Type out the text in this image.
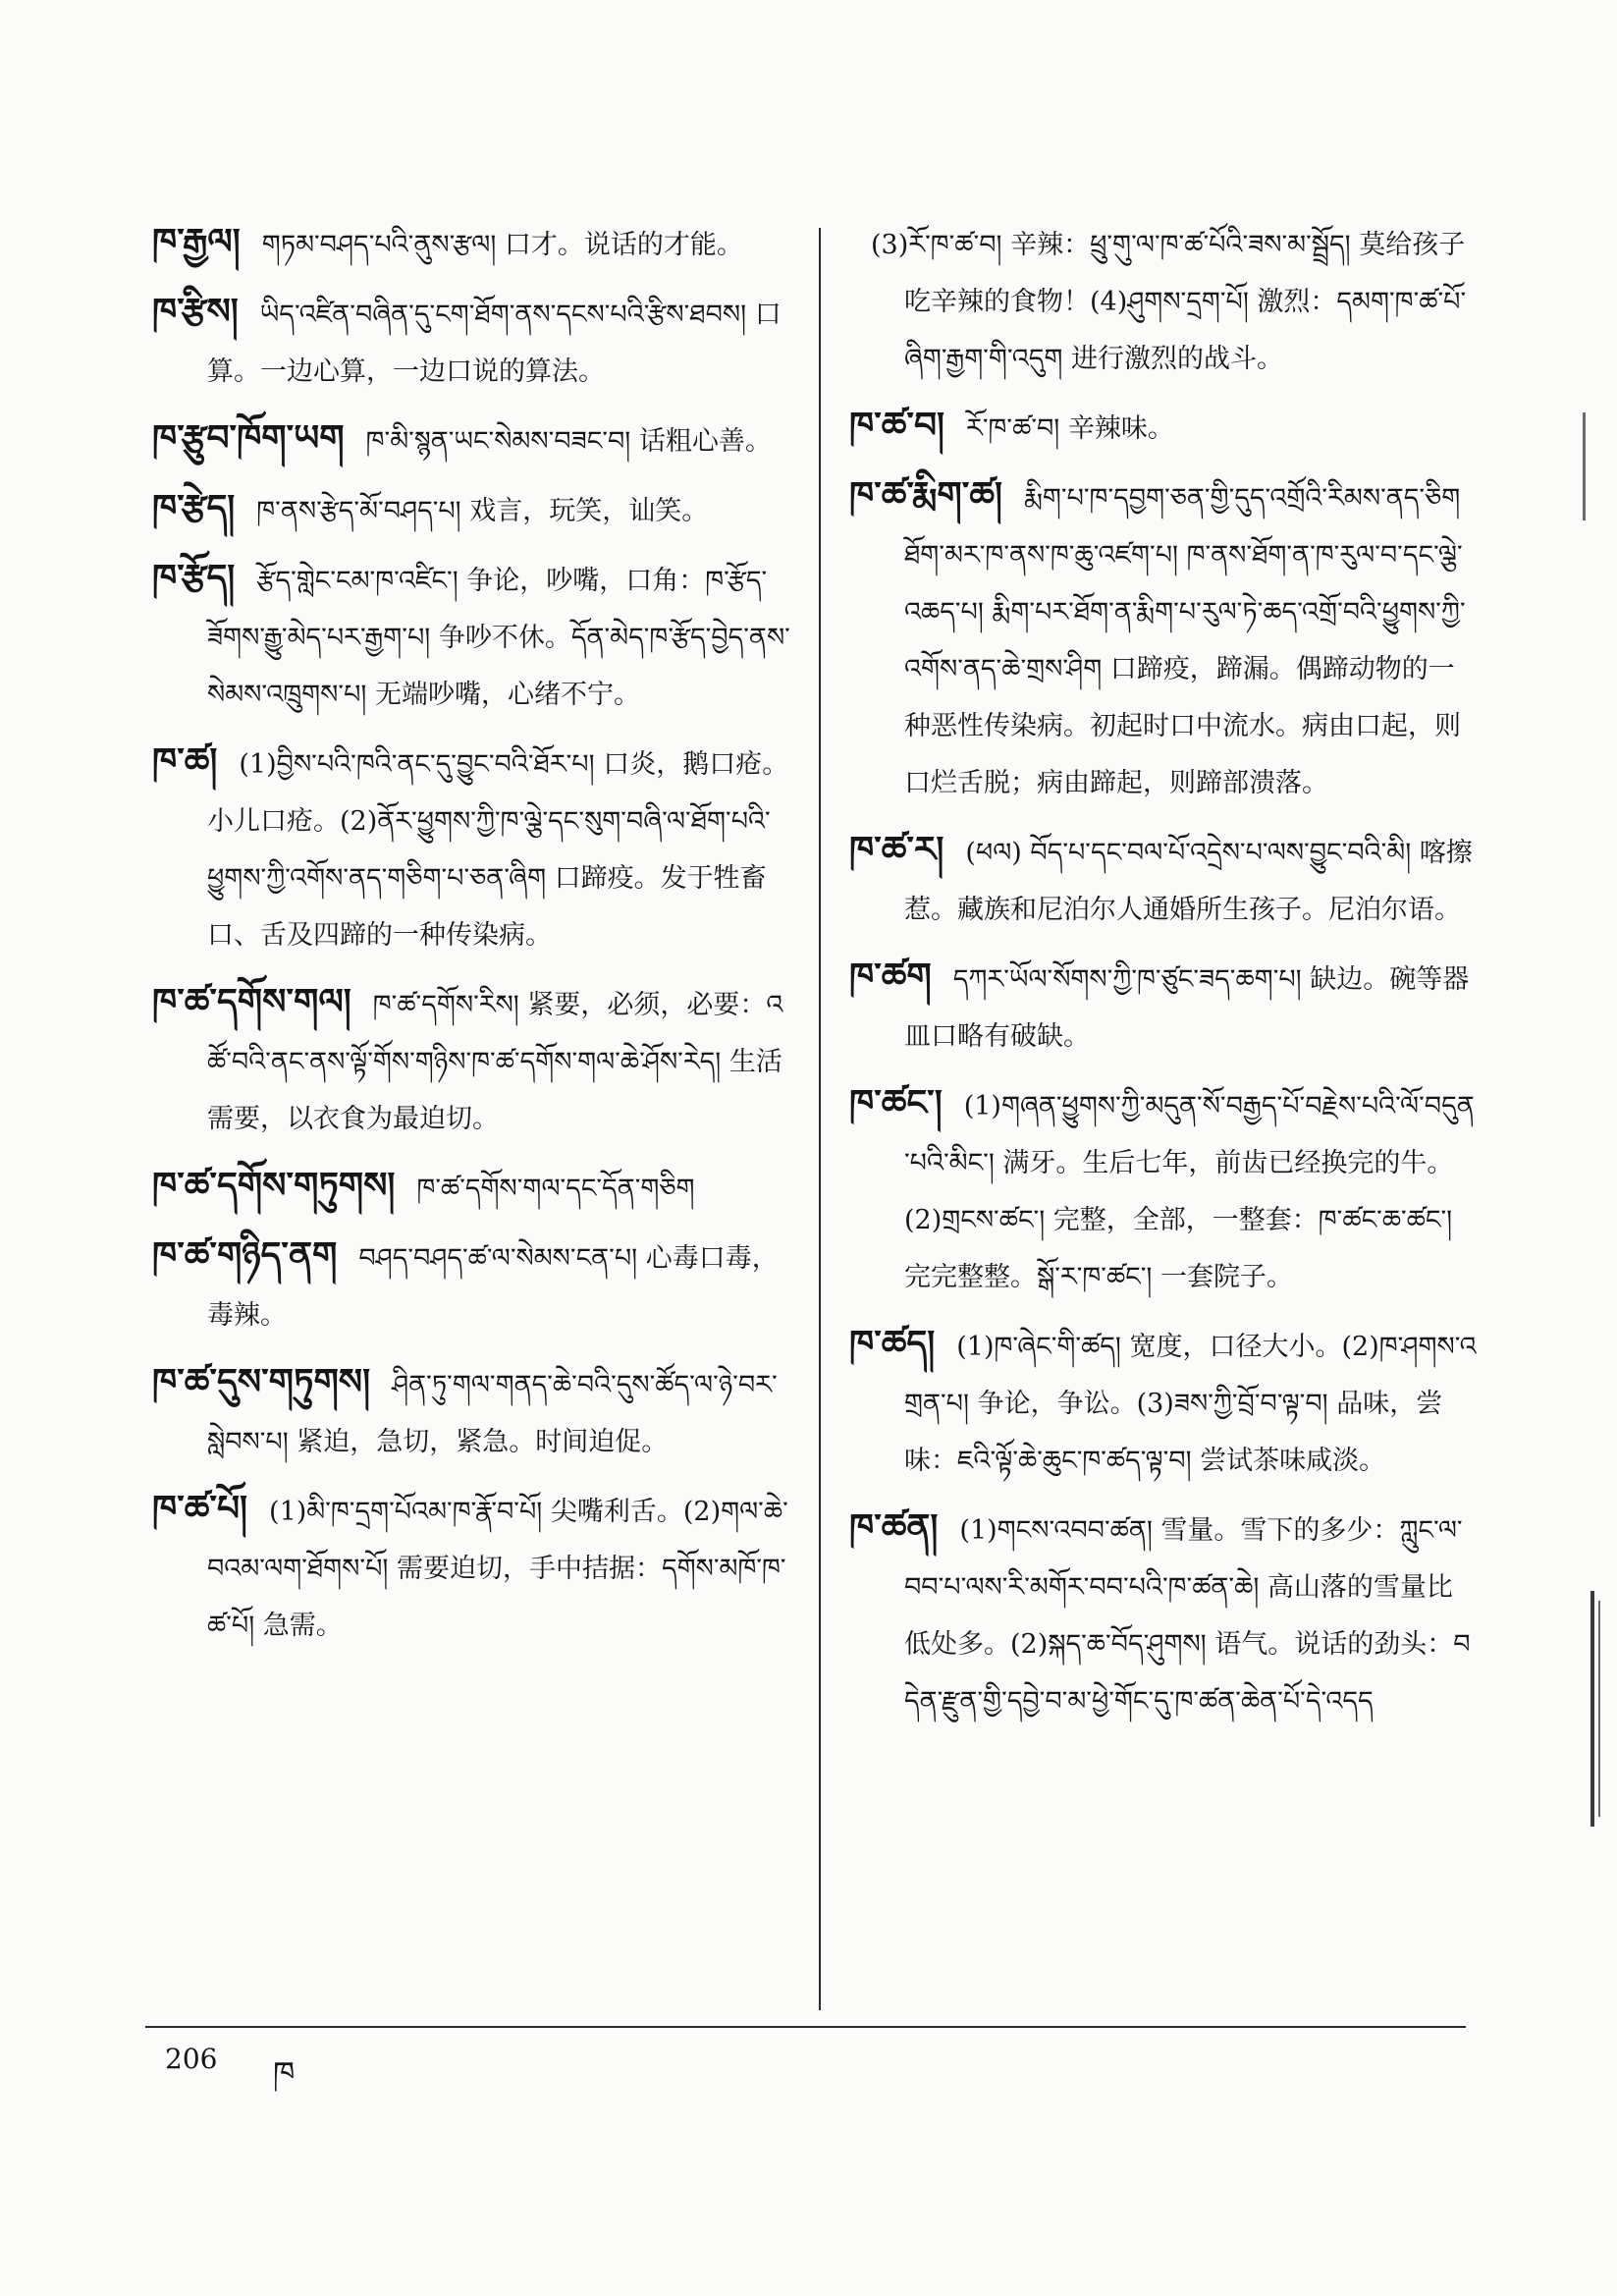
ཁ་རྒྱལ། གཏམ་བཤད་པའི་ནུས་རྩལ། 口才。说话的才能。

ཁ་རྩིས། ཡིད་འཛིན་བཞིན་དུ་ངག་ཐོག་ནས་དངས་པའི་རྩིས་ཐབས། 口算。一边心算，一边口说的算法。

ཁ་རྩུབ་ཁོག་ཡག ཁ་མི་སྙན་ཡང་སེམས་བཟང་བ། 话粗心善。

ཁ་རྩེད། ཁ་ནས་རྩེད་མོ་བཤད་པ། 戏言，玩笑，讪笑。

ཁ་རྩོད། རྩོད་གླེང་ངམ་ཁ་འཛིང་། 争论，吵嘴，口角：ཁ་རྩོད་ཟོགས་རྒྱུ་མེད་པར་རྒྱག་པ། 争吵不休。དོན་མེད་ཁ་རྩོད་བྱེད་ནས་སེམས་འཁྲུགས་པ། 无端吵嘴，心绪不宁。

ཁ་ཚ། (1)བྱིས་པའི་ཁའི་ནང་དུ་བྱུང་བའི་ཐོར་པ། 口炎，鹅口疮。小儿口疮。(2)ནོར་ཕྱུགས་ཀྱི་ཁ་ལྕེ་དང་སུག་བཞི་ལ་ཐོག་པའི་ཕྱུགས་ཀྱི་འགོས་ནད་གཅིག་པ་ཅན་ཞིག 口蹄疫。发于牲畜口、舌及四蹄的一种传染病。

ཁ་ཚ་དགོས་གལ། ཁ་ཚ་དགོས་རིས། 紧要，必须，必要：འཚོ་བའི་ནང་ནས་ལྟོ་གོས་གཉིས་ཁ་ཚ་དགོས་གལ་ཆེ་ཤོས་རེད། 生活需要，以衣食为最迫切。

ཁ་ཚ་དགོས་གཏུགས། ཁ་ཚ་དགོས་གལ་དང་དོན་གཅིག

ཁ་ཚ་གཉིད་ནག བཤད་བཤད་ཚ་ལ་སེམས་ངན་པ། 心毒口毒，毒辣。

ཁ་ཚ་དུས་གཏུགས། ཤིན་ཏུ་གལ་གནད་ཆེ་བའི་དུས་ཚོད་ལ་ཉེ་བར་སླེབས་པ། 紧迫，急切，紧急。时间迫促。

ཁ་ཚ་པོ། (1)མི་ཁ་དྲག་པོའམ་ཁ་རྣོ་བ་པོ། 尖嘴利舌。(2)གལ་ཆེ་བའམ་ལག་ཐོགས་པོ། 需要迫切，手中拮据：དགོས་མཁོ་ཁ་ཚ་པོ། 急需。

(3)རོ་ཁ་ཚ་བ། 辛辣：ཕྲུ་གུ་ལ་ཁ་ཚ་པོའི་ཟས་མ་སྦྲོད། 莫给孩子吃辛辣的食物！(4)ཤུགས་དྲག་པོ། 激烈：དམག་ཁ་ཚ་པོ་ཞིག་རྒྱག་གི་འདུག 进行激烈的战斗。

ཁ་ཚ་བ། རོ་ཁ་ཚ་བ། 辛辣味。

ཁ་ཚ་རྨིག་ཚ། རྨིག་པ་ཁ་དབྱག་ཅན་གྱི་དུད་འགྲོའི་རིམས་ནད་ཅིག ཐོག་མར་ཁ་ནས་ཁ་ཆུ་འཛག་པ། ཁ་ནས་ཐོག་ན་ཁ་རུལ་བ་དང་ལྕེ་འཆད་པ། རྨིག་པར་ཐོག་ན་རྨིག་པ་རུལ་ཏེ་ཆད་འགྲོ་བའི་ཕྱུགས་ཀྱི་འགོས་ནད་ཆེ་གྲས་ཤིག 口蹄疫，蹄漏。偶蹄动物的一种恶性传染病。初起时口中流水。病由口起，则口烂舌脱；病由蹄起，则蹄部溃落。

ཁ་ཚ་ར། (ཕལ) བོད་པ་དང་བལ་པོ་འདྲེས་པ་ལས་བྱུང་བའི་མི། 喀擦惹。藏族和尼泊尔人通婚所生孩子。尼泊尔语。

ཁ་ཚག དཀར་ཡོལ་སོགས་ཀྱི་ཁ་ཙུང་ཟད་ཆག་པ། 缺边。碗等器皿口略有破缺。

ཁ་ཚང་། (1)གཞན་ཕྱུགས་ཀྱི་མདུན་སོ་བརྒྱད་པོ་བརྗེས་པའི་ལོ་བདུན་པའི་མིང་། 满牙。生后七年，前齿已经换完的牛。(2)གྲངས་ཚང་། 完整，全部，一整套：ཁ་ཚང་ཆ་ཚང་། 完完整整。སྒོ་ར་ཁ་ཚང་། 一套院子。

ཁ་ཚད། (1)ཁ་ཞེང་གི་ཚད། 宽度，口径大小。(2)ཁ་ཤགས་འགྲན་པ། 争论，争讼。(3)ཟས་ཀྱི་བྲོ་བ་ལྟ་བ། 品味，尝味：ཇའི་ལྟོ་ཆེ་ཆུང་ཁ་ཚད་ལྟ་བ། 尝试茶味咸淡。

ཁ་ཚན། (1)གངས་འབབ་ཚན། 雪量。雪下的多少：ཀླུང་ལ་བབ་པ་ལས་རི་མགོར་བབ་པའི་ཁ་ཚན་ཆེ། 高山落的雪量比低处多。(2)སྐད་ཆ་བོད་ཤུགས། 语气。说话的劲头：བདེན་རྫུན་གྱི་དབྱེ་བ་མ་ཕྱེ་གོང་དུ་ཁ་ཚན་ཆེན་པོ་དེ་འདད

206 ཁ
